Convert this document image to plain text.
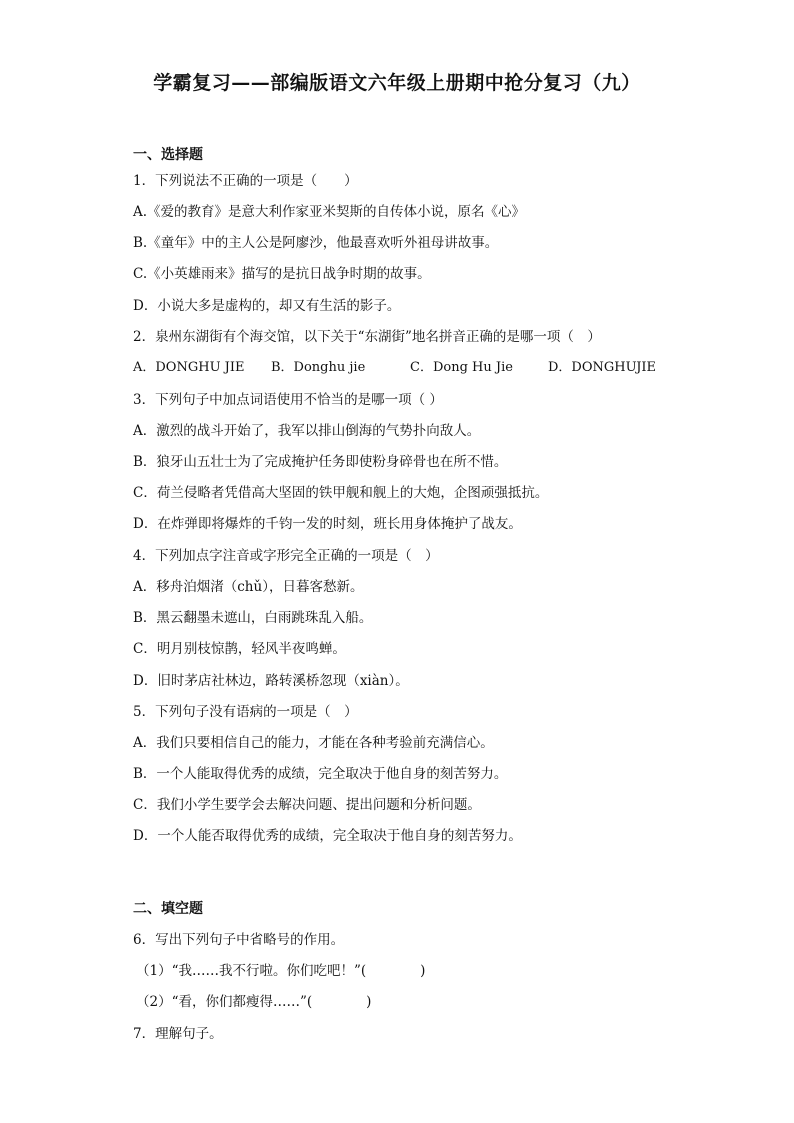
学霸复习——部编版语文六年级上册期中抢分复习（九）
一、选择题
1．下列说法不正确的一项是（　　）
A.《爱的教育》是意大利作家亚米契斯的自传体小说，原名《心》
B.《童年》中的主人公是阿廖沙，他最喜欢听外祖母讲故事。
C.《小英雄雨来》描写的是抗日战争时期的故事。
D．小说大多是虚构的，却又有生活的影子。
2．泉州东湖街有个海交馆，以下关于“东湖街”地名拼音正确的是哪一项（　）
A．DONGHU JIE B．Donghu jie	C．Dong Hu Jie	D．DONGHUJIE
3．下列句子中加点词语使用不恰当的是哪一项（ ）
A．激烈的战斗开始了，我军以排山倒海的气势扑向敌人。
B．狼牙山五壮士为了完成掩护任务即使粉身碎骨也在所不惜。
C．荷兰侵略者凭借高大坚固的铁甲舰和舰上的大炮，企图顽强抵抗。
D．在炸弹即将爆炸的千钧一发的时刻，班长用身体掩护了战友。
4．下列加点字注音或字形完全正确的一项是（　）
A．移舟泊烟渚（chǔ），日暮客愁新。
B．黑云翻墨未遮山，白雨跳珠乱入船。
C．明月别枝惊鹊，轻风半夜鸣蝉。
D．旧时茅店社林边，路转溪桥忽现（xiàn）。
5．下列句子没有语病的一项是（　）
A．我们只要相信自己的能力，才能在各种考验前充满信心。
B．一个人能取得优秀的成绩，完全取决于他自身的刻苦努力。
C．我们小学生要学会去解决问题、提出问题和分析问题。
D．一个人能否取得优秀的成绩，完全取决于他自身的刻苦努力。
二、填空题
6．写出下列句子中省略号的作用。
（1）“我……我不行啦。你们吃吧！”(　　　　)
（2）“看，你们都瘦得……”(　　　　)
7．理解句子。
